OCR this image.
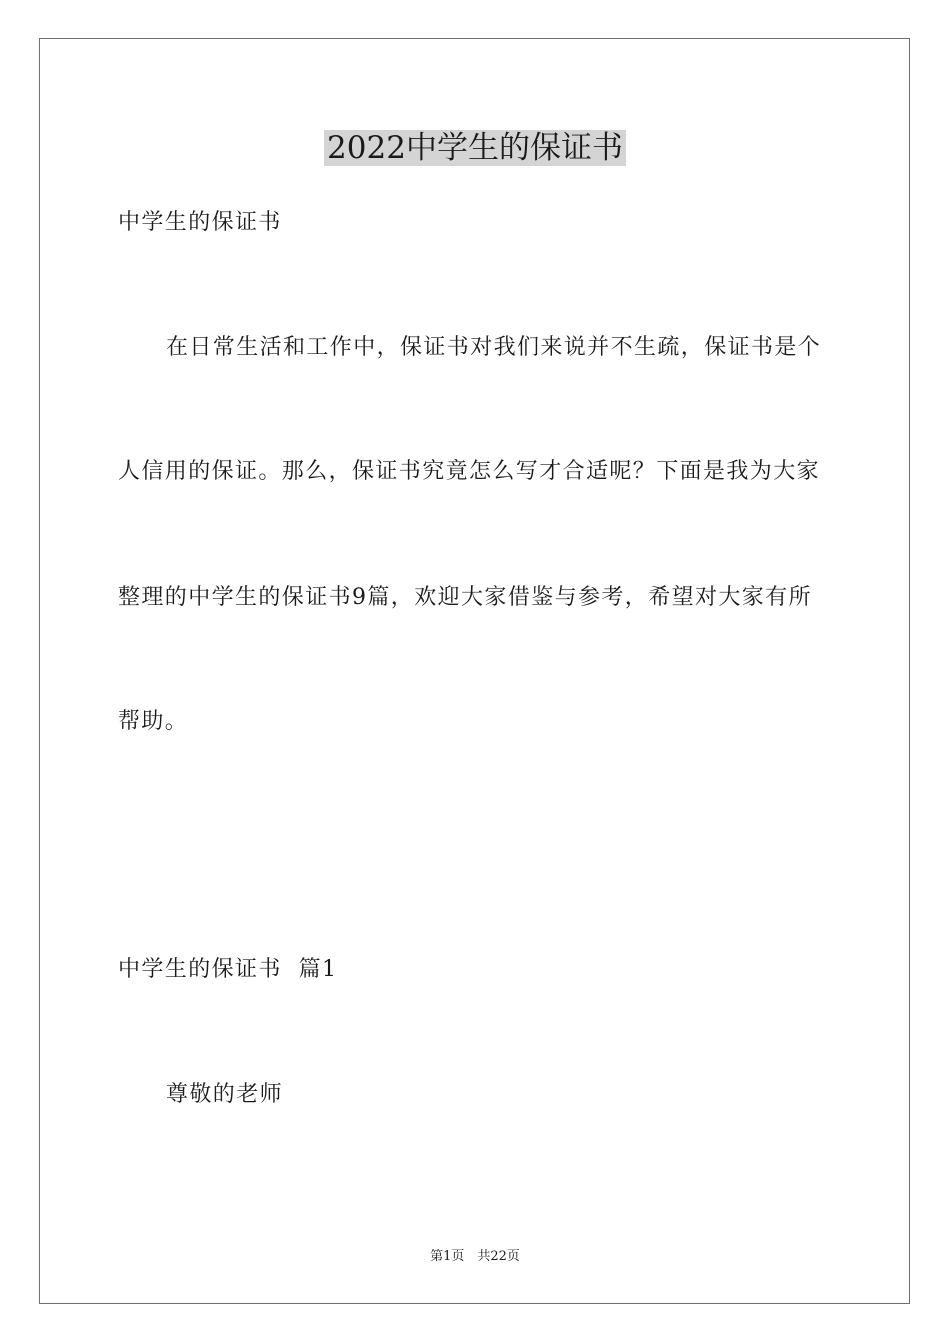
2022中学生的保证书

中学生的保证书

在日常生活和工作中，保证书对我们来说并不生疏，保证书是个

人信用的保证。那么，保证书究竟怎么写才合适呢？下面是我为大家

整理的中学生的保证书9篇，欢迎大家借鉴与参考，希望对大家有所

帮助。

中学生的保证书  篇1

尊敬的老师

第1页　共22页
